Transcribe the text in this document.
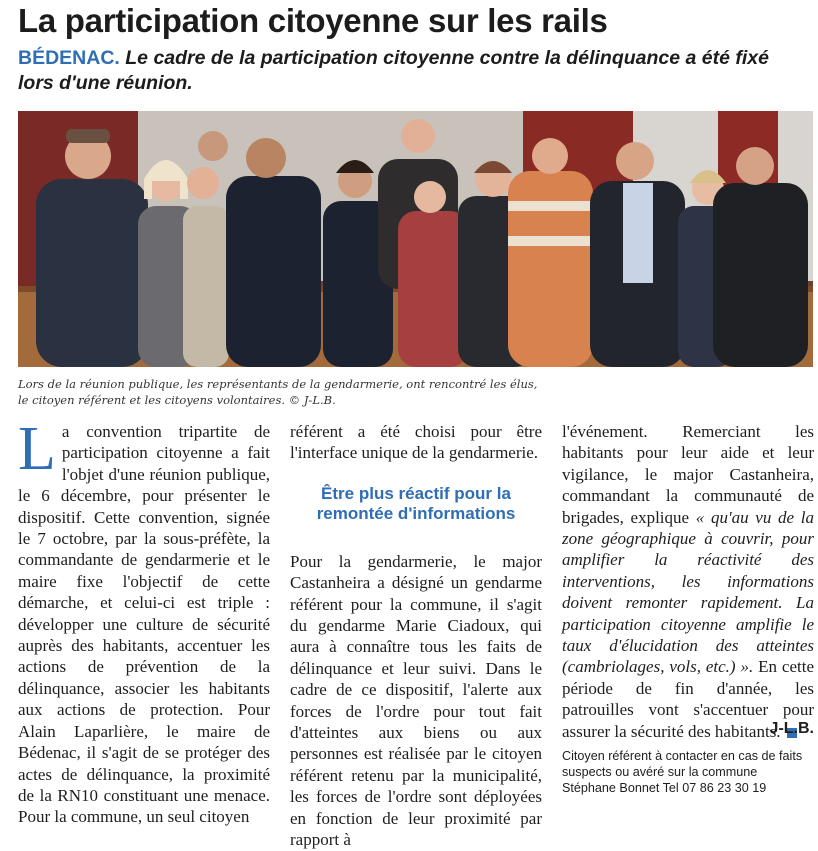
La participation citoyenne sur les rails
BÉDENAC. Le cadre de la participation citoyenne contre la délinquance a été fixé lors d'une réunion.
Lors de la réunion publique, les représentants de la gendarmerie, ont rencontré les élus, le citoyen référent et les citoyens volontaires. © J-L.B.
L a convention tripartite de participation citoyenne a fait l'objet d'une réunion publique, le 6 décembre, pour présenter le dispositif. Cette convention, signée le 7 octobre, par la sous-préfète, la commandante de gendarmerie et le maire fixe l'objectif de cette démarche, et celui-ci est triple : développer une culture de sécurité auprès des habitants, accentuer les actions de prévention de la délinquance, associer les habitants aux actions de protection. Pour Alain Laparlière, le maire de Bédenac, il s'agit de se protéger des actes de délinquance, la proximité de la RN10 constituant une menace. Pour la commune, un seul citoyen

référent a été choisi pour être l'interface unique de la gendarmerie.

Être plus réactif pour la remontée d'informations

Pour la gendarmerie, le major Castanheira a désigné un gendarme référent pour la commune, il s'agit du gendarme Marie Ciadoux, qui aura à connaître tous les faits de délinquance et leur suivi. Dans le cadre de ce dispositif, l'alerte aux forces de l'ordre pour tout fait d'atteintes aux biens ou aux personnes est réalisée par le citoyen référent retenu par la municipalité, les forces de l'ordre sont déployées en fonction de leur proximité par rapport à

l'événement. Remerciant les habitants pour leur aide et leur vigilance, le major Castanheira, commandant la communauté de brigades, explique « qu'au vu de la zone géographique à couvrir, pour amplifier la réactivité des interventions, les informations doivent remonter rapidement. La participation citoyenne amplifie le taux d'élucidation des atteintes (cambriolages, vols, etc.) ». En cette période de fin d'année, les patrouilles vont s'accentuer pour assurer la sécurité des habitants.

J-L.B.
Citoyen référent à contacter en cas de faits suspects ou avéré sur la commune Stéphane Bonnet Tel 07 86 23 30 19
